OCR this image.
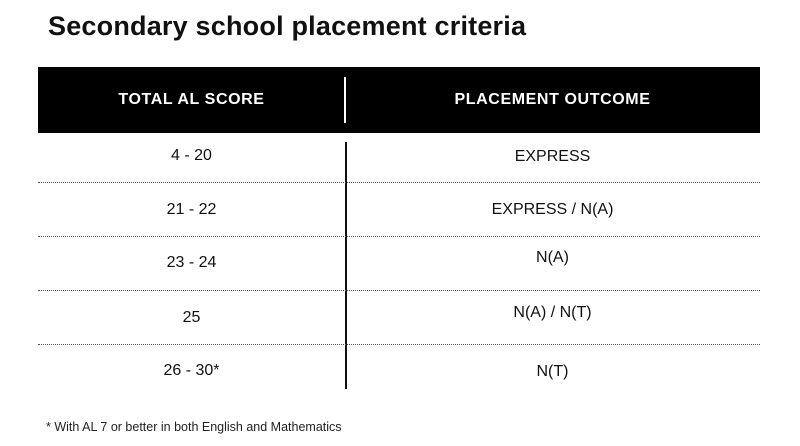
Secondary school placement criteria
TOTAL AL SCORE	PLACEMENT OUTCOME
4 - 20	EXPRESS
21 - 22	EXPRESS / N(A)
23 - 24	N(A)
25	N(A) / N(T)
26 - 30*	N(T)
* With AL 7 or better in both English and Mathematics
